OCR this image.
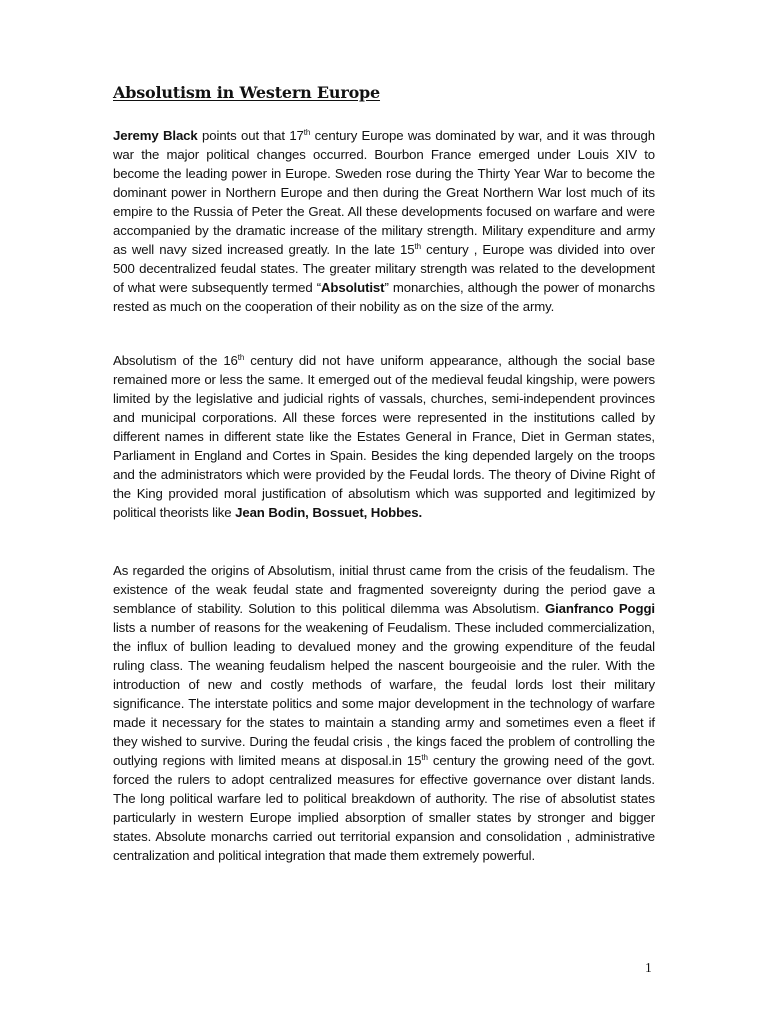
Absolutism in Western Europe

Jeremy Black points out that 17th century Europe was dominated by war, and it was through war the major political changes occurred. Bourbon France emerged under Louis XIV to become the leading power in Europe. Sweden rose during the Thirty Year War to become the dominant power in Northern Europe and then during the Great Northern War lost much of its empire to the Russia of Peter the Great. All these developments focused on warfare and were accompanied by the dramatic increase of the military strength. Military expenditure and army as well navy sized increased greatly. In the late 15th century , Europe was divided into over 500 decentralized feudal states. The greater military strength was related to the development of what were subsequently termed “Absolutist” monarchies, although the power of monarchs rested as much on the cooperation of their nobility as on the size of the army.

Absolutism of the 16th century did not have uniform appearance, although the social base remained more or less the same. It emerged out of the medieval feudal kingship, were powers limited by the legislative and judicial rights of vassals, churches, semi-independent provinces and municipal corporations. All these forces were represented in the institutions called by different names in different state like the Estates General in France, Diet in German states, Parliament in England and Cortes in Spain. Besides the king depended largely on the troops and the administrators which were provided by the Feudal lords. The theory of Divine Right of the King provided moral justification of absolutism which was supported and legitimized by political theorists like Jean Bodin, Bossuet, Hobbes.

As regarded the origins of Absolutism, initial thrust came from the crisis of the feudalism. The existence of the weak feudal state and fragmented sovereignty during the period gave a semblance of stability. Solution to this political dilemma was Absolutism. Gianfranco Poggi lists a number of reasons for the weakening of Feudalism. These included commercialization, the influx of bullion leading to devalued money and the growing expenditure of the feudal ruling class. The weaning feudalism helped the nascent bourgeoisie and the ruler. With the introduction of new and costly methods of warfare, the feudal lords lost their military significance. The interstate politics and some major development in the technology of warfare made it necessary for the states to maintain a standing army and sometimes even a fleet if they wished to survive. During the feudal crisis , the kings faced the problem of controlling the outlying regions with limited means at disposal.in 15th century the growing need of the govt. forced the rulers to adopt centralized measures for effective governance over distant lands. The long political warfare led to political breakdown of authority. The rise of absolutist states particularly in western Europe implied absorption of smaller states by stronger and bigger states. Absolute monarchs carried out territorial expansion and consolidation , administrative centralization and political integration that made them extremely powerful.

1
